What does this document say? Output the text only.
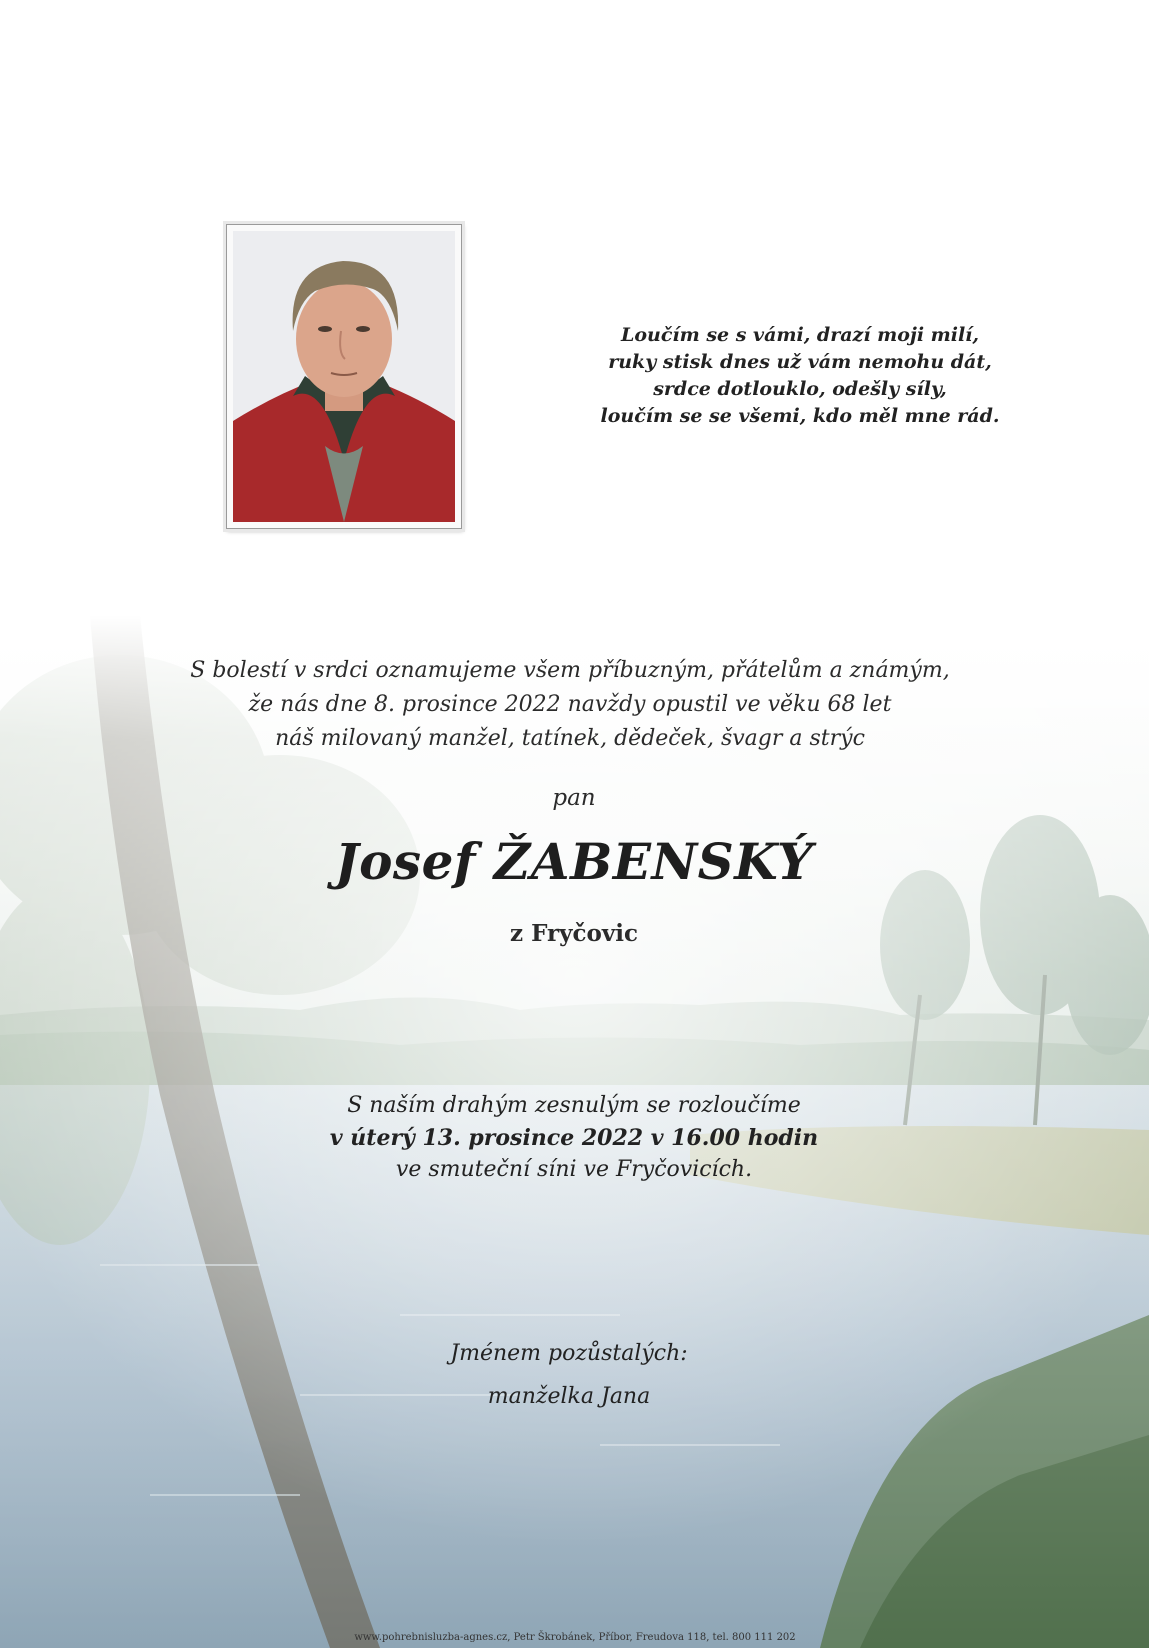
Loučím se s vámi, drazí moji milí,
ruky stisk dnes už vám nemohu dát,
srdce dotlouklo, odešly síly,
loučím se se všemi, kdo měl mne rád.
S bolestí v srdci oznamujeme všem příbuzným, přátelům a známým,
že nás dne 8. prosince 2022 navždy opustil ve věku 68 let
náš milovaný manžel, tatínek, dědeček, švagr a strýc
pan
Josef ŽABENSKÝ
z Fryčovic
S naším drahým zesnulým se rozloučíme
v úterý 13. prosince 2022 v 16.00 hodin
ve smuteční síni ve Fryčovicích.
Jménem pozůstalých:
manželka Jana
www.pohrebnisluzba-agnes.cz, Petr Škrobánek, Příbor, Freudova 118, tel. 800 111 202
